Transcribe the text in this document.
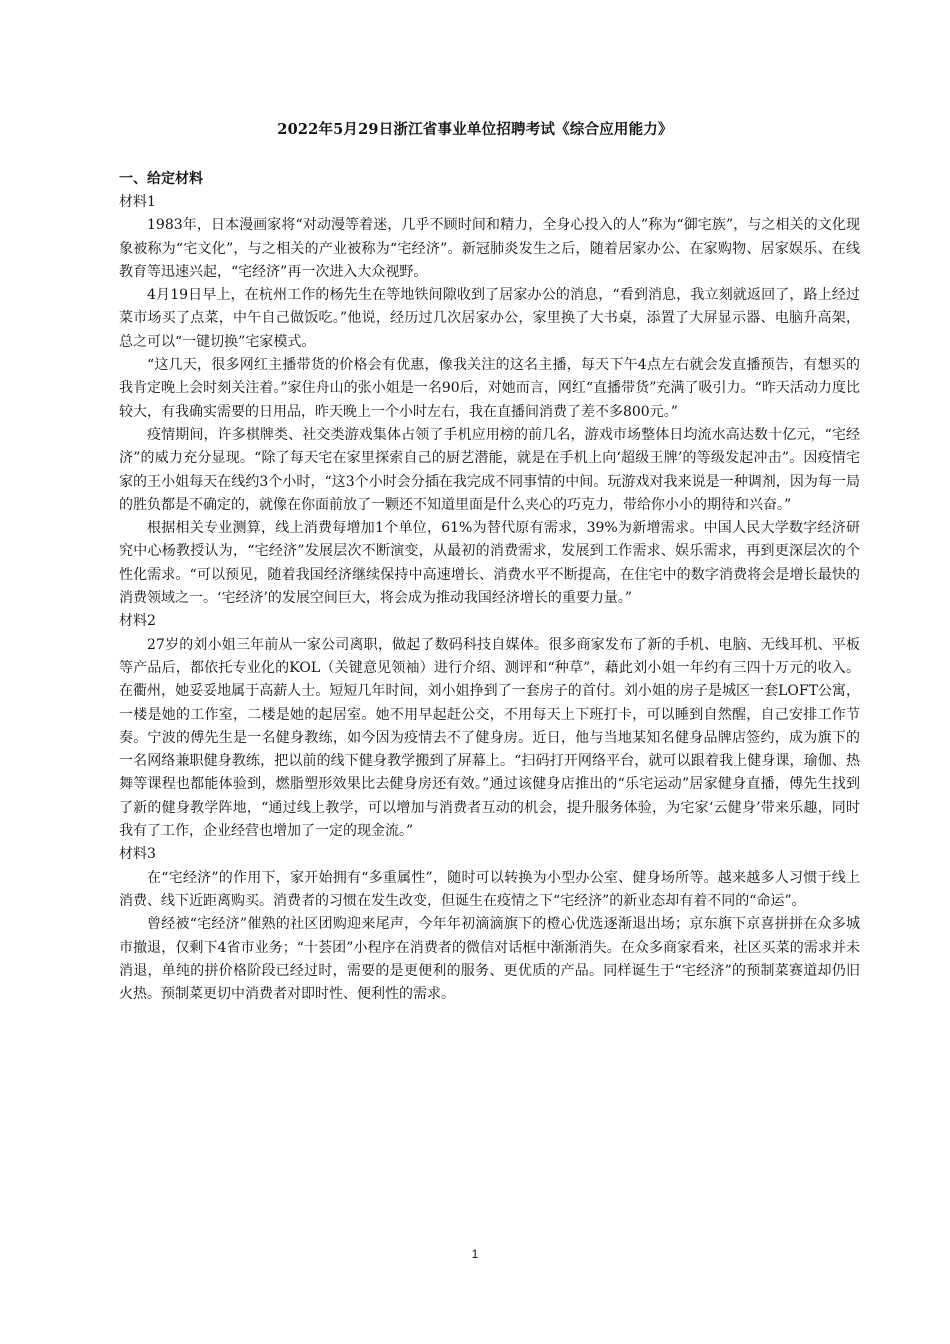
2022年5月29日浙江省事业单位招聘考试《综合应用能力》

一、给定材料

材料1

1983年，日本漫画家将“对动漫等着迷，几乎不顾时间和精力，全身心投入的人”称为“御宅族”，与之相关的文化现象被称为“宅文化”，与之相关的产业被称为“宅经济”。新冠肺炎发生之后，随着居家办公、在家购物、居家娱乐、在线教育等迅速兴起，“宅经济”再一次进入大众视野。

4月19日早上，在杭州工作的杨先生在等地铁间隙收到了居家办公的消息，“看到消息，我立刻就返回了，路上经过菜市场买了点菜，中午自己做饭吃。”他说，经历过几次居家办公，家里换了大书桌，添置了大屏显示器、电脑升高架，总之可以“一键切换”宅家模式。

“这几天，很多网红主播带货的价格会有优惠，像我关注的这名主播，每天下午4点左右就会发直播预告，有想买的我肯定晚上会时刻关注着。”家住舟山的张小姐是一名90后，对她而言，网红“直播带货”充满了吸引力。“昨天活动力度比较大，有我确实需要的日用品，昨天晚上一个小时左右，我在直播间消费了差不多800元。”

疫情期间，许多棋牌类、社交类游戏集体占领了手机应用榜的前几名，游戏市场整体日均流水高达数十亿元，“宅经济”的威力充分显现。“除了每天宅在家里探索自己的厨艺潜能，就是在手机上向‘超级王牌’的等级发起冲击”。因疫情宅家的王小姐每天在线约3个小时，“这3个小时会分插在我完成不同事情的中间。玩游戏对我来说是一种调剂，因为每一局的胜负都是不确定的，就像在你面前放了一颗还不知道里面是什么夹心的巧克力，带给你小小的期待和兴奋。”

根据相关专业测算，线上消费每增加1个单位，61%为替代原有需求，39%为新增需求。中国人民大学数字经济研究中心杨教授认为，“宅经济”发展层次不断演变，从最初的消费需求，发展到工作需求、娱乐需求，再到更深层次的个性化需求。“可以预见，随着我国经济继续保持中高速增长、消费水平不断提高，在住宅中的数字消费将会是增长最快的消费领域之一。‘宅经济’的发展空间巨大，将会成为推动我国经济增长的重要力量。”

材料2

27岁的刘小姐三年前从一家公司离职，做起了数码科技自媒体。很多商家发布了新的手机、电脑、无线耳机、平板等产品后，都依托专业化的KOL（关键意见领袖）进行介绍、测评和“种草”，藉此刘小姐一年约有三四十万元的收入。在衢州，她妥妥地属于高薪人士。短短几年时间，刘小姐挣到了一套房子的首付。刘小姐的房子是城区一套LOFT公寓，一楼是她的工作室，二楼是她的起居室。她不用早起赶公交，不用每天上下班打卡，可以睡到自然醒，自己安排工作节奏。宁波的傅先生是一名健身教练，如今因为疫情去不了健身房。近日，他与当地某知名健身品牌店签约，成为旗下的一名网络兼职健身教练，把以前的线下健身教学搬到了屏幕上。“扫码打开网络平台，就可以跟着我上健身课，瑜伽、热舞等课程也都能体验到，燃脂塑形效果比去健身房还有效。”通过该健身店推出的“乐宅运动”居家健身直播，傅先生找到了新的健身教学阵地，“通过线上教学，可以增加与消费者互动的机会，提升服务体验，为宅家‘云健身’带来乐趣，同时我有了工作，企业经营也增加了一定的现金流。”

材料3

在“宅经济”的作用下，家开始拥有“多重属性”，随时可以转换为小型办公室、健身场所等。越来越多人习惯于线上消费、线下近距离购买。消费者的习惯在发生改变，但诞生在疫情之下“宅经济”的新业态却有着不同的“命运”。

曾经被“宅经济”催熟的社区团购迎来尾声，今年年初滴滴旗下的橙心优选逐渐退出场；京东旗下京喜拼拼在众多城市撤退，仅剩下4省市业务；“十荟团”小程序在消费者的微信对话框中渐渐消失。在众多商家看来，社区买菜的需求并未消退，单纯的拼价格阶段已经过时，需要的是更便利的服务、更优质的产品。同样诞生于“宅经济”的预制菜赛道却仍旧火热。预制菜更切中消费者对即时性、便利性的需求。

1
